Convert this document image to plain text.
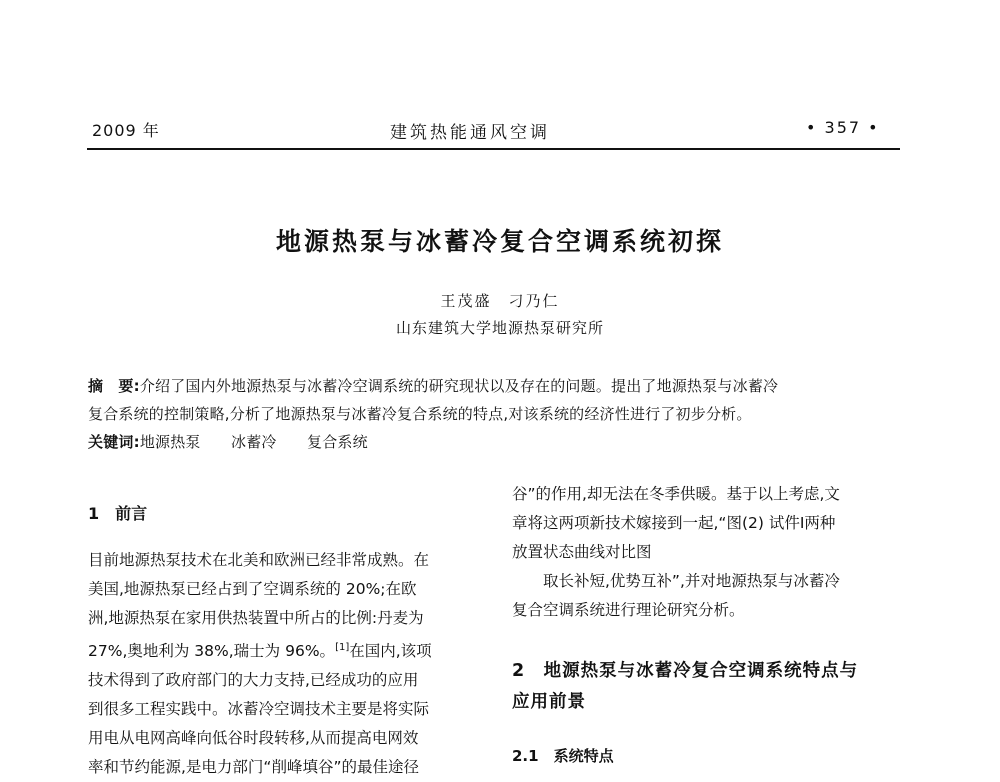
2009 年	建筑热能通风空调	• 357 •
地源热泵与冰蓄冷复合空调系统初探
王茂盛　刁乃仁
山东建筑大学地源热泵研究所
摘　要:介绍了国内外地源热泵与冰蓄冷空调系统的研究现状以及存在的问题。提出了地源热泵与冰蓄冷
复合系统的控制策略,分析了地源热泵与冰蓄冷复合系统的特点,对该系统的经济性进行了初步分析。
关键词:地源热泵　　冰蓄冷　　复合系统
1　前言
目前地源热泵技术在北美和欧洲已经非常成熟。在
美国,地源热泵已经占到了空调系统的 20%;在欧
洲,地源热泵在家用供热装置中所占的比例:丹麦为
27%,奥地利为 38%,瑞士为 96%。[1]在国内,该项
技术得到了政府部门的大力支持,已经成功的应用
到很多工程实践中。冰蓄冷空调技术主要是将实际
用电从电网高峰向低谷时段转移,从而提高电网效
率和节约能源,是电力部门“削峰填谷”的最佳途径
谷”的作用,却无法在冬季供暖。基于以上考虑,文
章将这两项新技术嫁接到一起,“图(2) 试件Ⅰ两种
放置状态曲线对比图
取长补短,优势互补”,并对地源热泵与冰蓄冷
复合空调系统进行理论研究分析。
2　地源热泵与冰蓄冷复合空调系统特点与
应用前景
2.1　系统特点
